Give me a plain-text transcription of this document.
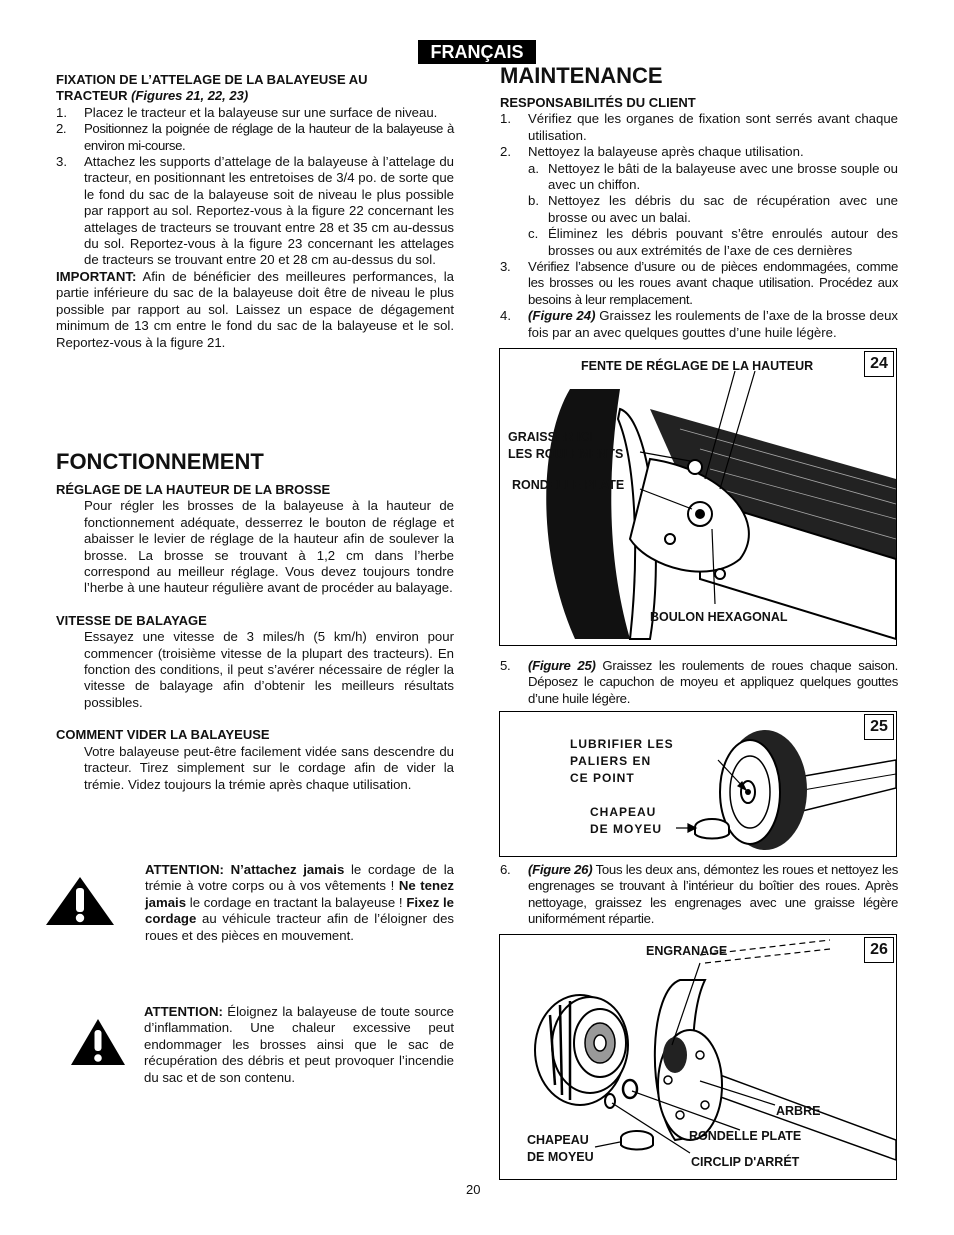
FRANÇAIS
FIXATION DE L’ATTELAGE DE LA BALAYEUSE AU
TRACTEUR (Figures 21, 22, 23)
1. Placez le tracteur et la balayeuse sur une surface de niveau.
2. Positionnez la poignée de réglage de la hauteur de la balayeuse à environ mi-course.
3. Attachez les supports d’attelage de la balayeuse à l’attelage du tracteur, en positionnant les entretoises de 3/4 po. de sorte que le fond du sac de la balayeuse soit de niveau le plus possible par rapport au sol. Reportez-vous à la figure 22 concernant les attelages de tracteurs se trouvant entre 28 et 35 cm au-dessus du sol. Reportez-vous à la figure 23 concernant les attelages de tracteurs se trouvant entre 20 et 28 cm au-dessus du sol.
IMPORTANT: Afin de bénéficier des meilleures performances, la partie inférieure du sac de la balayeuse doit être de niveau le plus possible par rapport au sol. Laissez un espace de dégagement minimum de 13 cm entre le fond du sac de la balayeuse et le sol. Reportez-vous à la figure 21.
FONCTIONNEMENT
RÉGLAGE DE LA HAUTEUR DE LA BROSSE
Pour régler les brosses de la balayeuse à la hauteur de fonctionnement adéquate, desserrez le bouton de réglage et abaisser le levier de réglage de la hauteur afin de soulever la brosse. La brosse se trouvant à 1,2 cm dans l’herbe correspond au meilleur réglage. Vous devez toujours tondre l’herbe à une hauteur régulière avant de procéder au balayage.
VITESSE DE BALAYAGE
Essayez une vitesse de 3 miles/h (5 km/h) environ pour commencer (troisième vitesse de la plupart des tracteurs). En fonction des conditions, il peut s’avérer nécessaire de régler la vitesse de balayage afin d’obtenir les meilleurs résultats possibles.
COMMENT VIDER LA BALAYEUSE
Votre balayeuse peut-être facilement vidée sans descendre du tracteur. Tirez simplement sur le cordage afin de vider la trémie. Videz toujours la trémie après chaque utilisation.
ATTENTION: N’attachez jamais le cordage de la trémie à votre corps ou à vos vêtements ! Ne tenez jamais le cordage en tractant la balayeuse ! Fixez le cordage au véhicule tracteur afin de l’éloigner des roues et des pièces en mouvement.
ATTENTION: Éloignez la balayeuse de toute source d’inflammation. Une chaleur excessive peut endommager les brosses ainsi que le sac de récupération des débris et peut provoquer l’incendie du sac et de son contenu.
MAINTENANCE
RESPONSABILITÉS DU CLIENT
1. Vérifiez que les organes de fixation sont serrés avant chaque utilisation.
2. Nettoyez la balayeuse après chaque utilisation.
a. Nettoyez le bâti de la balayeuse avec une brosse souple ou avec un chiffon.
b. Nettoyez les débris du sac de récupération avec une brosse ou avec un balai.
c. Éliminez les débris pouvant s’être enroulés autour des brosses ou aux extrémités de l’axe de ces dernières
3. Vérifiez l’absence d’usure ou de pièces endommagées, comme les brosses ou les roues avant chaque utilisation. Procédez aux besoins à leur remplacement.
4. (Figure 24) Graissez les roulements de l’axe de la brosse deux fois par an avec quelques gouttes d’une huile légère.
24
FENTE DE RÉGLAGE DE LA HAUTEUR
GRAISSER ICI
LES ROULEMENTS
RONDELLE PLATE
BOULON HEXAGONAL
5. (Figure 25) Graissez les roulements de roues chaque saison. Déposez le capuchon de moyeu et appliquez quelques gouttes d’une huile légère.
25
LUBRIFIER LES
PALIERS EN
CE POINT
CHAPEAU
DE MOYEU
6. (Figure 26) Tous les deux ans, démontez les roues et nettoyez les engrenages se trouvant à l’intérieur du boîtier des roues. Après nettoyage, graissez les engrenages avec une graisse légère uniformément répartie.
26
ENGRANAGE
ARBRE
RONDELLE PLATE
CIRCLIP D'ARRÉT
CHAPEAU
DE MOYEU
20
